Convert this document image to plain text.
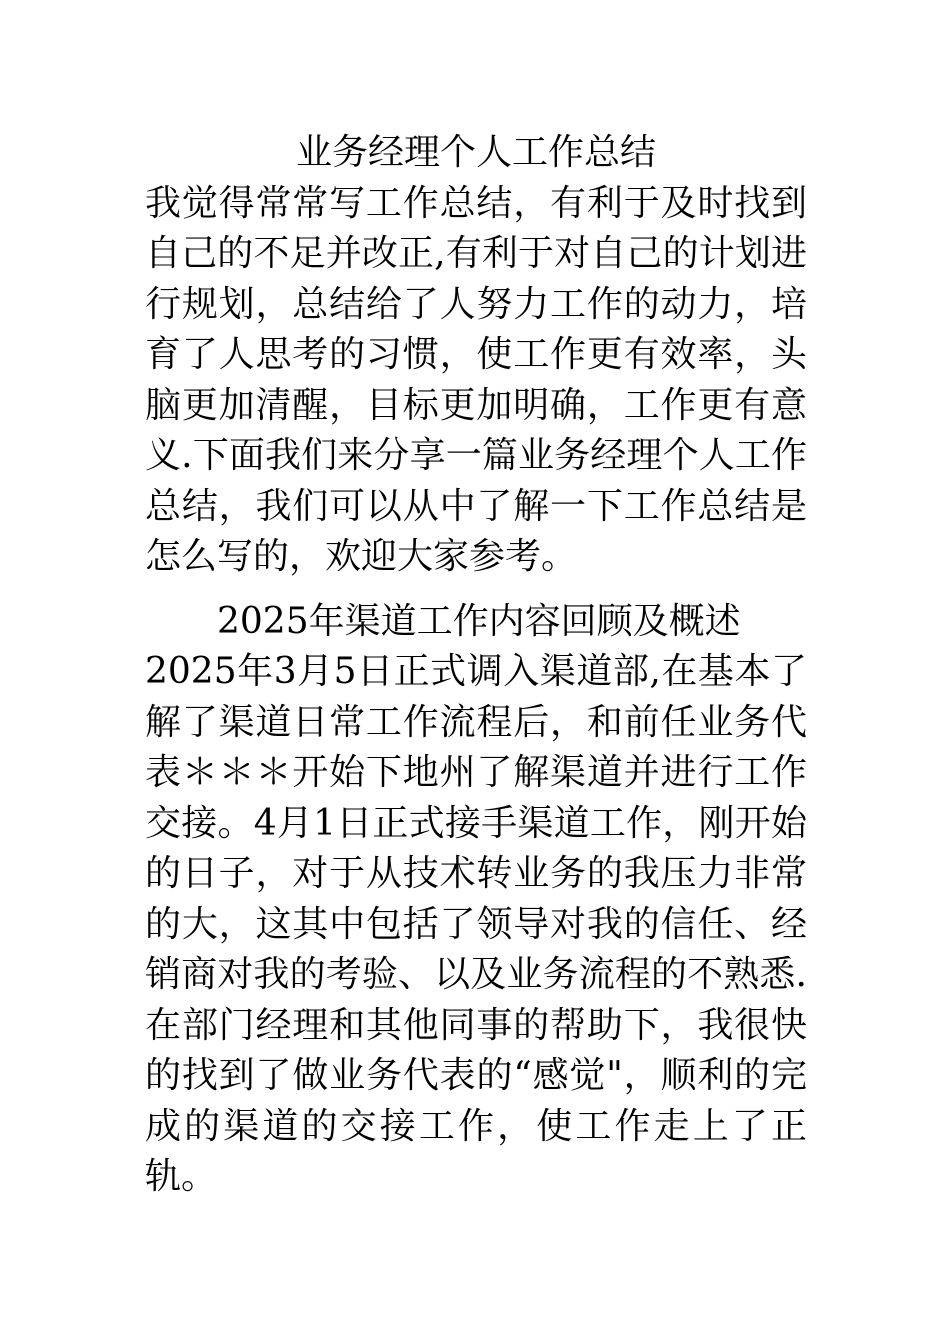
业务经理个人工作总结

我觉得常常写工作总结，有利于及时找到自己的不足并改正,有利于对自己的计划进行规划，总结给了人努力工作的动力，培育了人思考的习惯，使工作更有效率，头脑更加清醒，目标更加明确，工作更有意义.下面我们来分享一篇业务经理个人工作总结，我们可以从中了解一下工作总结是怎么写的，欢迎大家参考。

2025年渠道工作内容回顾及概述

2025年3月5日正式调入渠道部,在基本了解了渠道日常工作流程后，和前任业务代表＊＊＊开始下地州了解渠道并进行工作交接。4月1日正式接手渠道工作，刚开始的日子，对于从技术转业务的我压力非常的大，这其中包括了领导对我的信任、经销商对我的考验、以及业务流程的不熟悉.在部门经理和其他同事的帮助下，我很快的找到了做业务代表的“感觉"，顺利的完成的渠道的交接工作，使工作走上了正轨。
